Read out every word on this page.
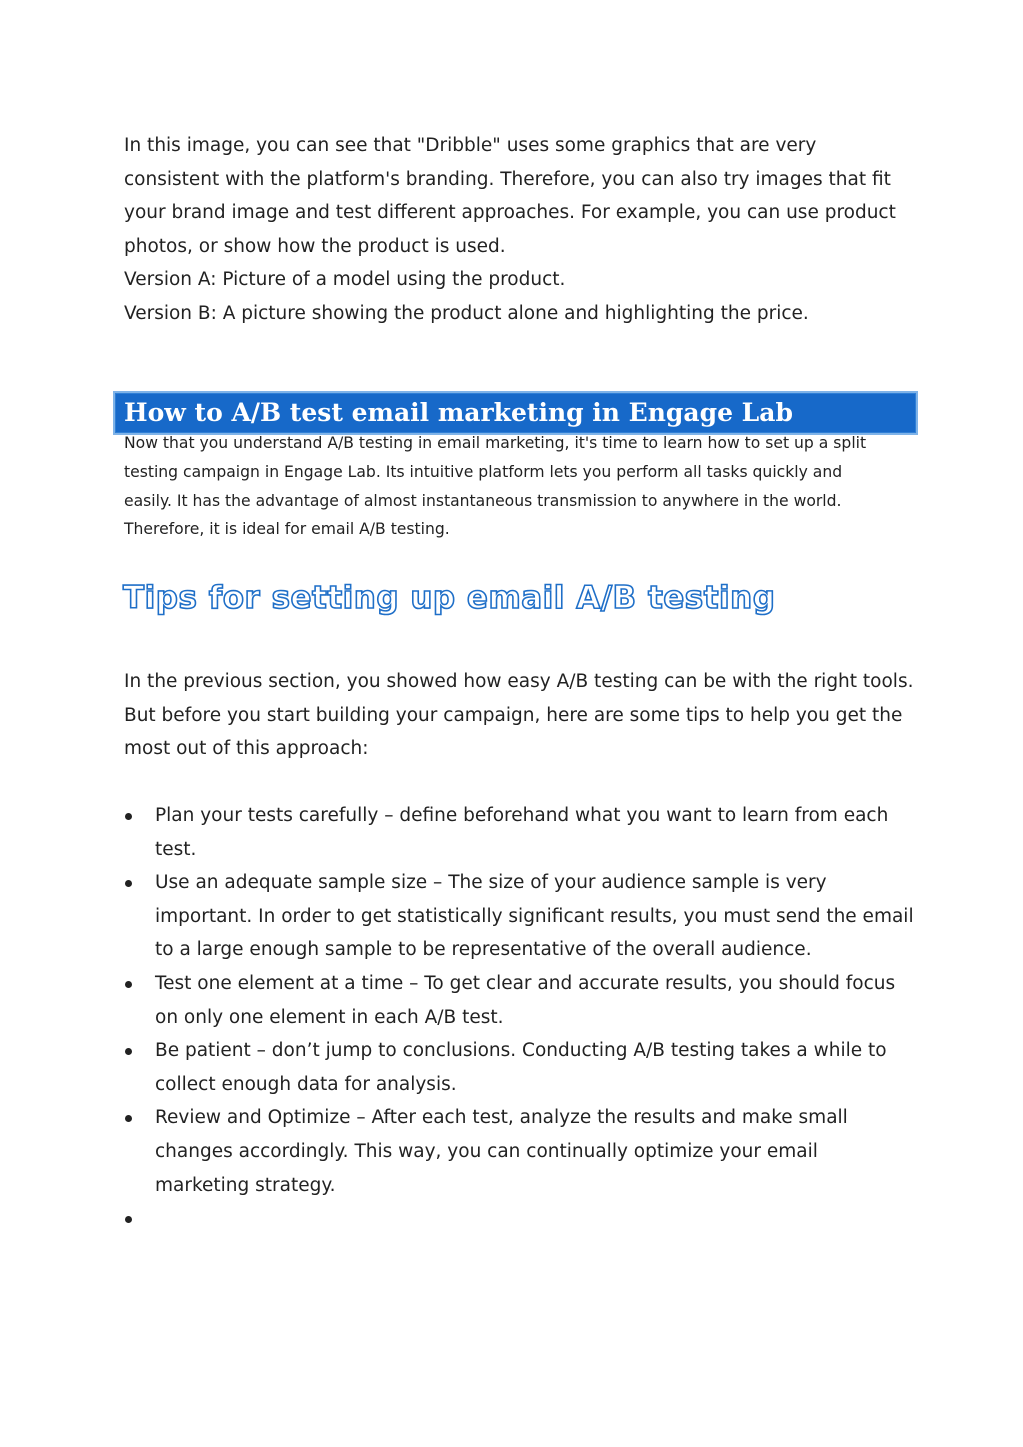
In this image, you can see that "Dribble" uses some graphics that are very consistent with the platform's branding. Therefore, you can also try images that fit your brand image and test different approaches. For example, you can use product photos, or show how the product is used.

Version A: Picture of a model using the product.

Version B: A picture showing the product alone and highlighting the price.

How to A/B test email marketing in Engage Lab

Now that you understand A/B testing in email marketing, it's time to learn how to set up a split testing campaign in Engage Lab. Its intuitive platform lets you perform all tasks quickly and easily. It has the advantage of almost instantaneous transmission to anywhere in the world. Therefore, it is ideal for email A/B testing.

Tips for setting up email A/B testing

In the previous section, you showed how easy A/B testing can be with the right tools. But before you start building your campaign, here are some tips to help you get the most out of this approach:

Plan your tests carefully – define beforehand what you want to learn from each test.
Use an adequate sample size – The size of your audience sample is very important. In order to get statistically significant results, you must send the email to a large enough sample to be representative of the overall audience.
Test one element at a time – To get clear and accurate results, you should focus on only one element in each A/B test.
Be patient – don’t jump to conclusions. Conducting A/B testing takes a while to collect enough data for analysis.
Review and Optimize – After each test, analyze the results and make small changes accordingly. This way, you can continually optimize your email marketing strategy.
